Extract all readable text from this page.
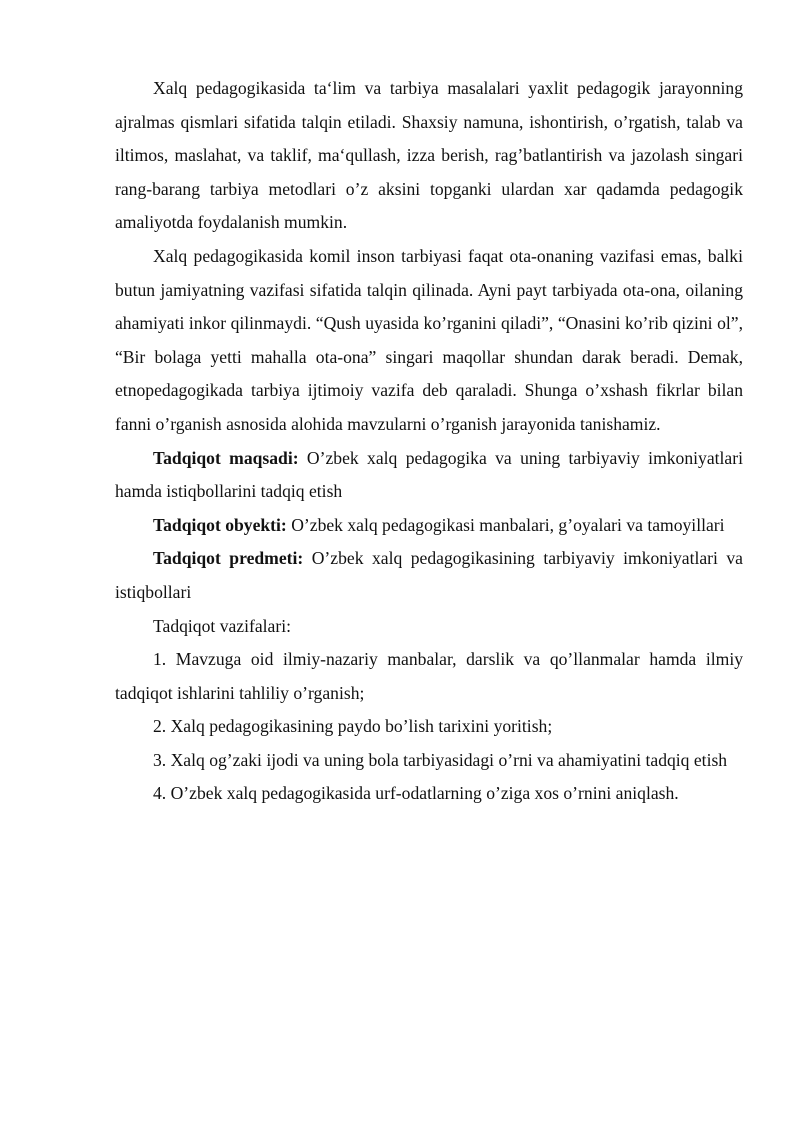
Xalq pedagogikasida ta‘lim va tarbiya masalalari yaxlit pedagogik jarayonning ajralmas qismlari sifatida talqin etiladi. Shaxsiy namuna, ishontirish, o’rgatish, talab va iltimos, maslahat, va taklif, ma‘qullash, izza berish, rag’batlantirish va jazolash singari rang-barang tarbiya metodlari o’z aksini topganki ulardan xar qadamda pedagogik amaliyotda foydalanish mumkin.

Xalq pedagogikasida komil inson tarbiyasi faqat ota-onaning vazifasi emas, balki butun jamiyatning vazifasi sifatida talqin qilinada. Ayni payt tarbiyada ota-ona, oilaning ahamiyati inkor qilinmaydi. “Qush uyasida ko’rganini qiladi”, “Onasini ko’rib qizini ol”, “Bir bolaga yetti mahalla ota-ona” singari maqollar shundan darak beradi. Demak, etnopedagogikada tarbiya ijtimoiy vazifa deb qaraladi. Shunga o’xshash fikrlar bilan fanni o’rganish asnosida alohida mavzularni o’rganish jarayonida tanishamiz.

Tadqiqot maqsadi: O’zbek xalq pedagogika va uning tarbiyaviy imkoniyatlari hamda istiqbollarini tadqiq etish

Tadqiqot obyekti: O’zbek xalq pedagogikasi manbalari, g’oyalari va tamoyillari

Tadqiqot predmeti: O’zbek xalq pedagogikasining tarbiyaviy imkoniyatlari va istiqbollari

Tadqiqot vazifalari:

1. Mavzuga oid ilmiy-nazariy manbalar, darslik va qo’llanmalar hamda ilmiy tadqiqot ishlarini tahliliy o’rganish;

2. Xalq pedagogikasining paydo bo’lish tarixini yoritish;

3. Xalq og’zaki ijodi va uning bola tarbiyasidagi o’rni va ahamiyatini tadqiq etish

4. O’zbek xalq pedagogikasida urf-odatlarning o’ziga xos o’rnini aniqlash.
